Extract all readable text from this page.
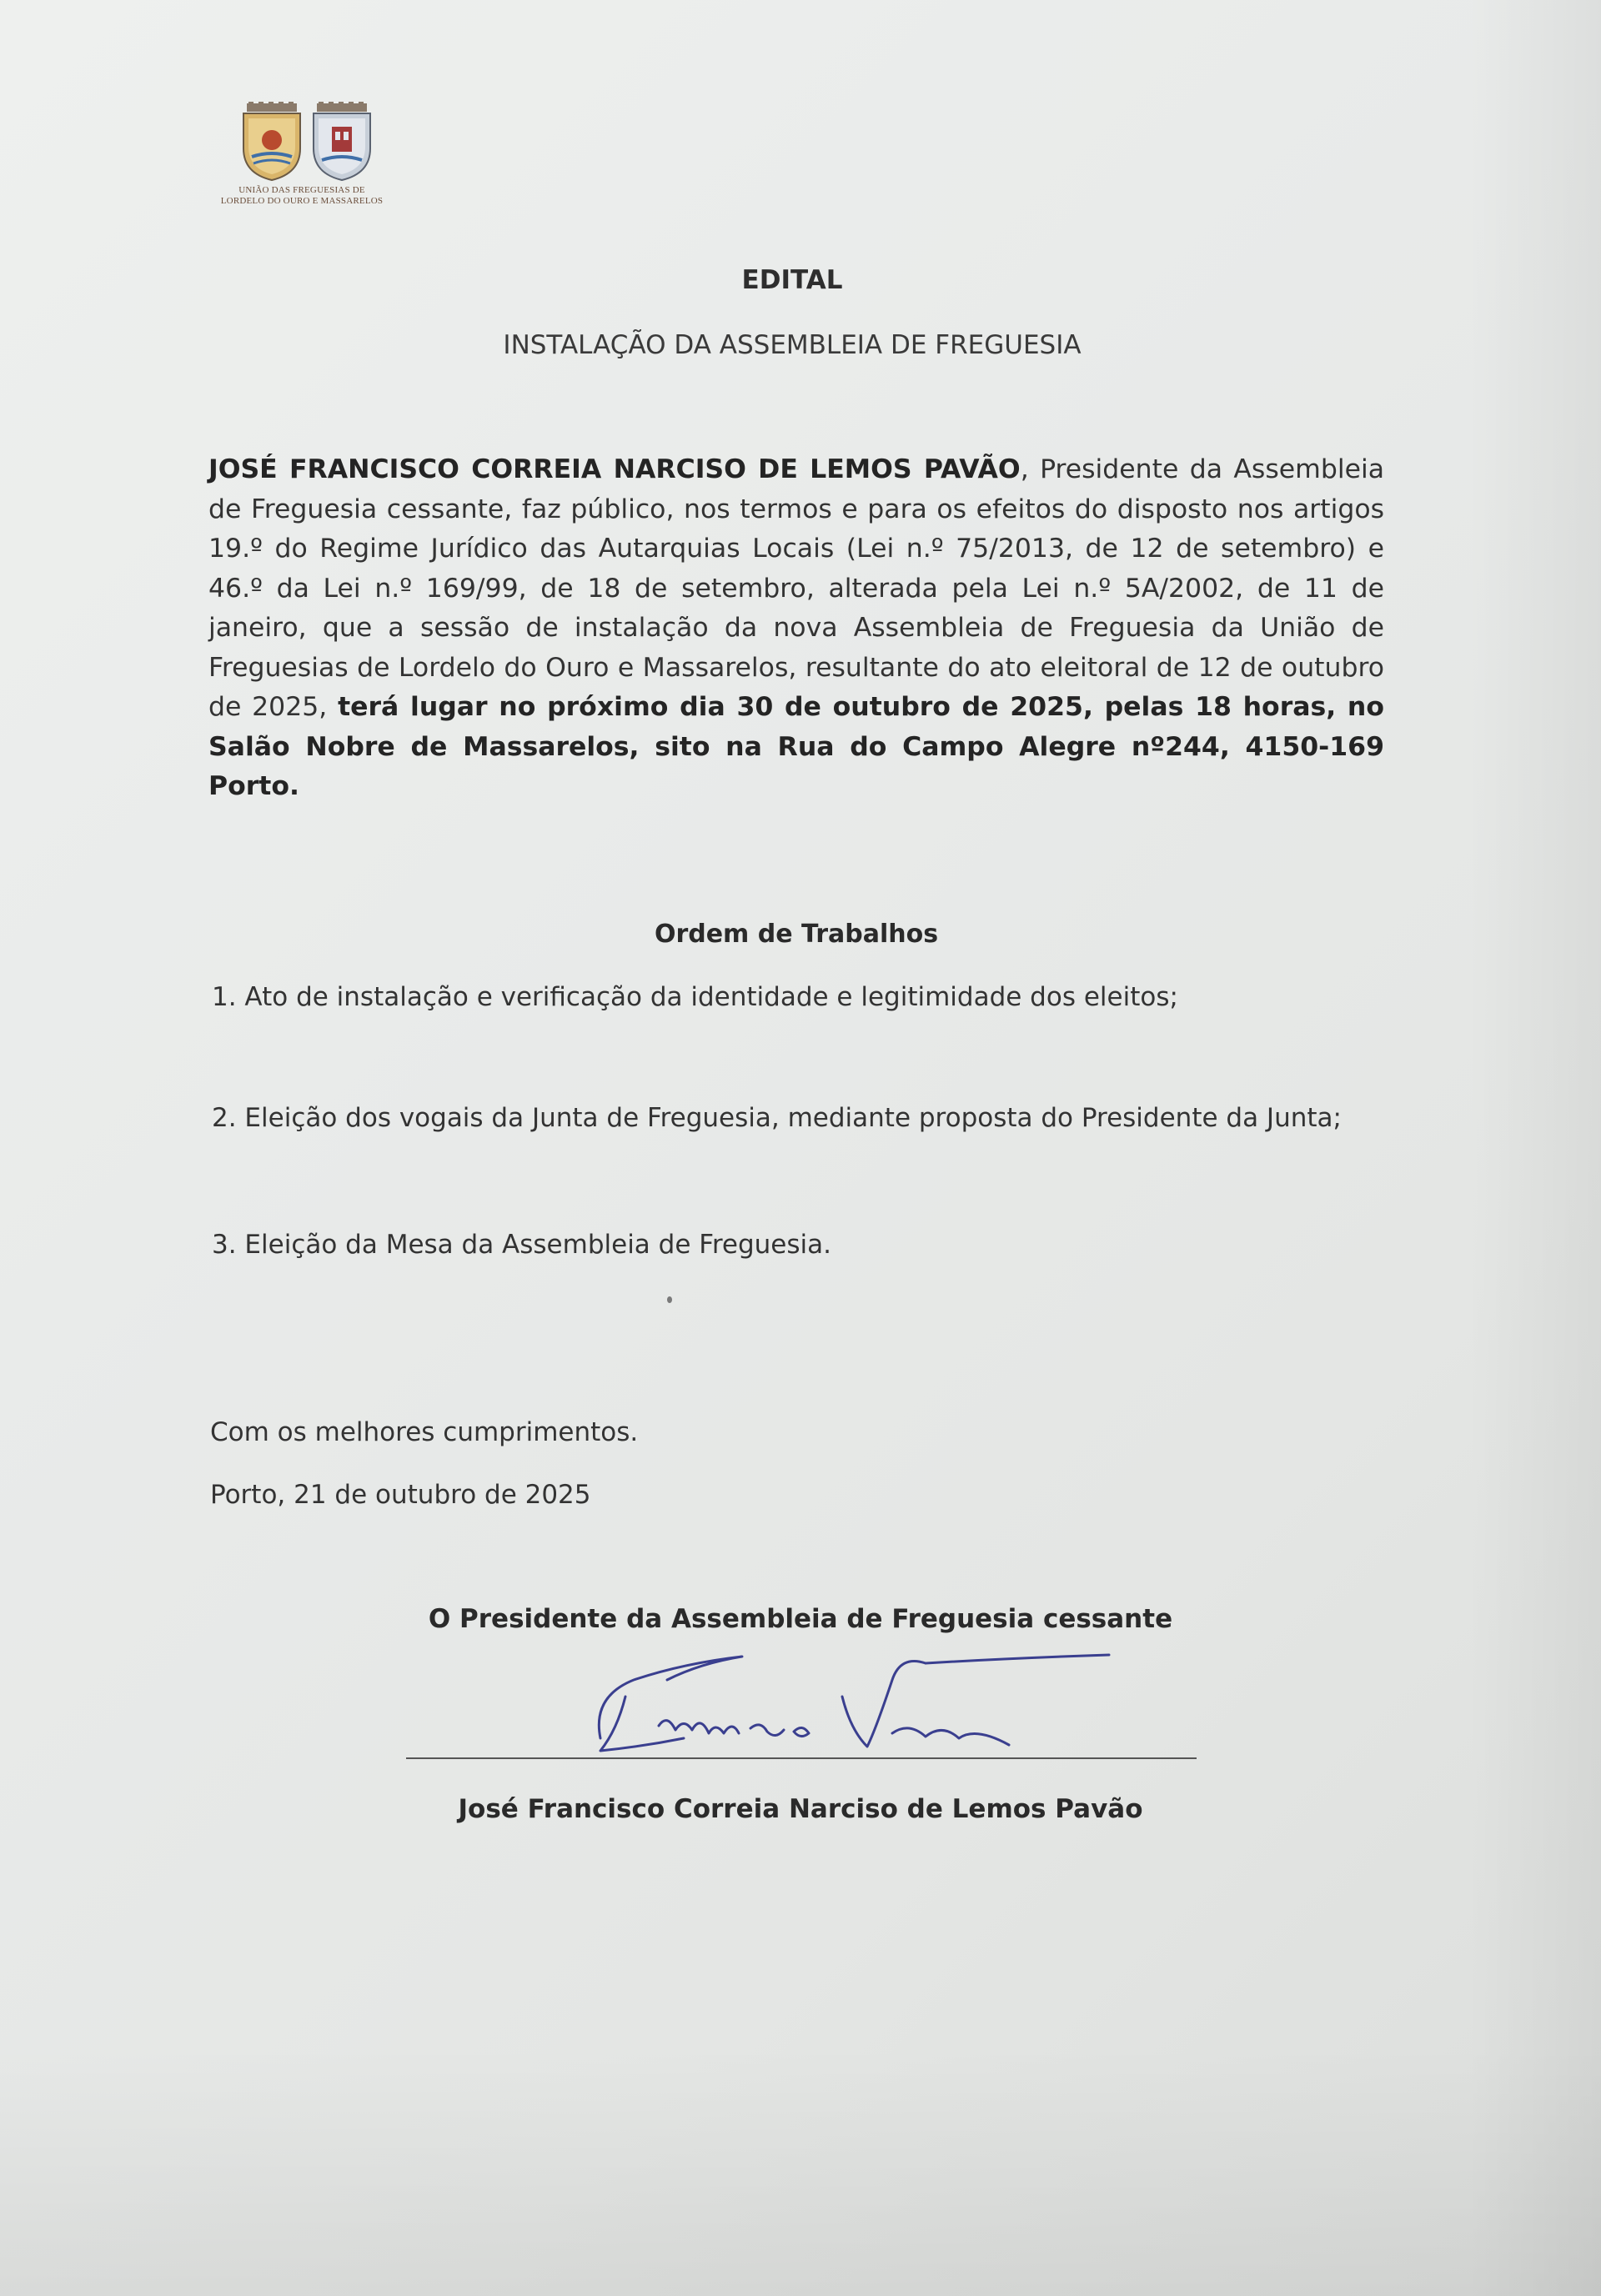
UNIÃO DAS FREGUESIAS DE
LORDELO DO OURO E MASSARELOS
EDITAL
INSTALAÇÃO DA ASSEMBLEIA DE FREGUESIA
JOSÉ FRANCISCO CORREIA NARCISO DE LEMOS PAVÃO, Presidente da Assembleia de Freguesia cessante, faz público, nos termos e para os efeitos do disposto nos artigos 19.º do Regime Jurídico das Autarquias Locais (Lei n.º 75/2013, de 12 de setembro) e 46.º da Lei n.º 169/99, de 18 de setembro, alterada pela Lei n.º 5A/2002, de 11 de janeiro, que a sessão de instalação da nova Assembleia de Freguesia da União de Freguesias de Lordelo do Ouro e Massarelos, resultante do ato eleitoral de 12 de outubro de 2025, terá lugar no próximo dia 30 de outubro de 2025, pelas 18 horas, no Salão Nobre de Massarelos, sito na Rua do Campo Alegre nº244, 4150-169 Porto.
Ordem de Trabalhos
1. Ato de instalação e verificação da identidade e legitimidade dos eleitos;
2. Eleição dos vogais da Junta de Freguesia, mediante proposta do Presidente da Junta;
3. Eleição da Mesa da Assembleia de Freguesia.
Com os melhores cumprimentos.
Porto, 21 de outubro de 2025
O Presidente da Assembleia de Freguesia cessante
José Francisco Correia Narciso de Lemos Pavão
